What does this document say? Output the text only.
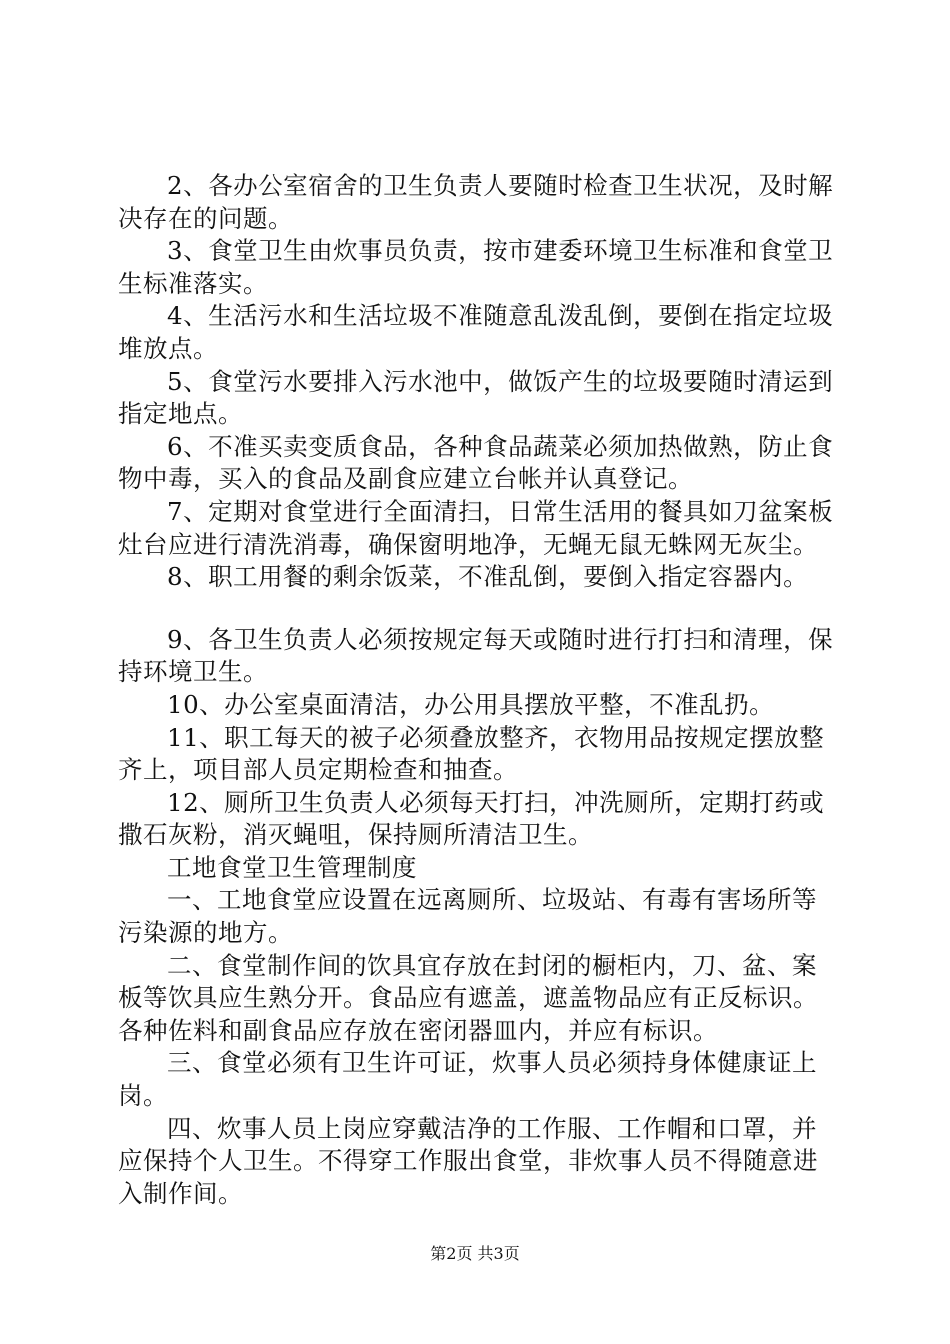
2、各办公室宿舍的卫生负责人要随时检查卫生状况，及时解决存在的问题。

3、食堂卫生由炊事员负责，按市建委环境卫生标准和食堂卫生标准落实。

4、生活污水和生活垃圾不准随意乱泼乱倒，要倒在指定垃圾堆放点。

5、食堂污水要排入污水池中，做饭产生的垃圾要随时清运到指定地点。

6、不准买卖变质食品，各种食品蔬菜必须加热做熟，防止食物中毒，买入的食品及副食应建立台帐并认真登记。

7、定期对食堂进行全面清扫，日常生活用的餐具如刀盆案板灶台应进行清洗消毒，确保窗明地净，无蝇无鼠无蛛网无灰尘。

8、职工用餐的剩余饭菜，不准乱倒，要倒入指定容器内。

9、各卫生负责人必须按规定每天或随时进行打扫和清理，保持环境卫生。

10、办公室桌面清洁，办公用具摆放平整，不准乱扔。

11、职工每天的被子必须叠放整齐，衣物用品按规定摆放整齐上，项目部人员定期检查和抽查。

12、厕所卫生负责人必须每天打扫，冲洗厕所，定期打药或撒石灰粉，消灭蝇咀，保持厕所清洁卫生。

工地食堂卫生管理制度

一、工地食堂应设置在远离厕所、垃圾站、有毒有害场所等污染源的地方。

二、食堂制作间的饮具宜存放在封闭的橱柜内，刀、盆、案板等饮具应生熟分开。食品应有遮盖，遮盖物品应有正反标识。各种佐料和副食品应存放在密闭器皿内，并应有标识。

三、食堂必须有卫生许可证，炊事人员必须持身体健康证上岗。

四、炊事人员上岗应穿戴洁净的工作服、工作帽和口罩，并应保持个人卫生。不得穿工作服出食堂，非炊事人员不得随意进入制作间。

第2页 共3页
